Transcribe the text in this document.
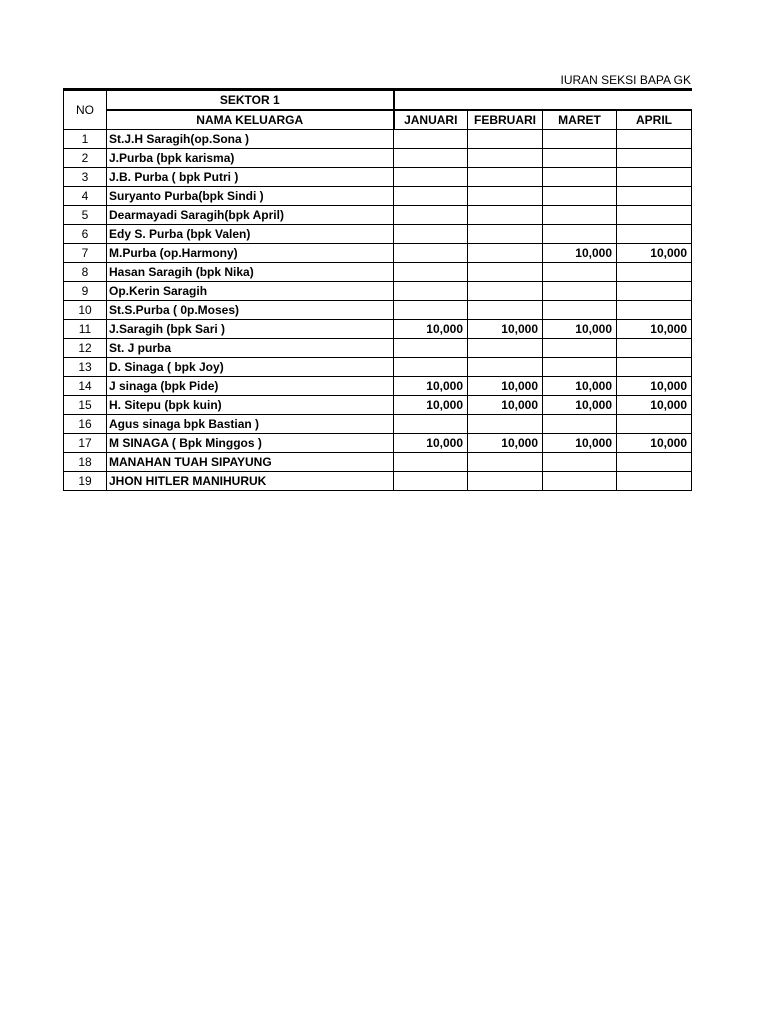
IURAN SEKSI BAPA GK
NO	SEKTOR 1				
	NAMA KELUARGA	JANUARI	FEBRUARI	MARET	APRIL
1	St.J.H Saragih(op.Sona )				
2	J.Purba (bpk karisma)				
3	J.B. Purba ( bpk Putri )				
4	Suryanto Purba(bpk Sindi )				
5	Dearmayadi Saragih(bpk April)				
6	Edy S. Purba (bpk Valen)				
7	M.Purba (op.Harmony)			10,000	10,000
8	Hasan Saragih (bpk Nika)				
9	Op.Kerin Saragih				
10	St.S.Purba ( 0p.Moses)				
11	J.Saragih (bpk Sari )	10,000	10,000	10,000	10,000
12	St. J purba				
13	D. Sinaga ( bpk Joy)				
14	J sinaga (bpk Pide)	10,000	10,000	10,000	10,000
15	H. Sitepu (bpk kuin)	10,000	10,000	10,000	10,000
16	Agus sinaga bpk Bastian )				
17	M SINAGA ( Bpk Minggos )	10,000	10,000	10,000	10,000
18	MANAHAN TUAH SIPAYUNG				
19	JHON HITLER MANIHURUK				
